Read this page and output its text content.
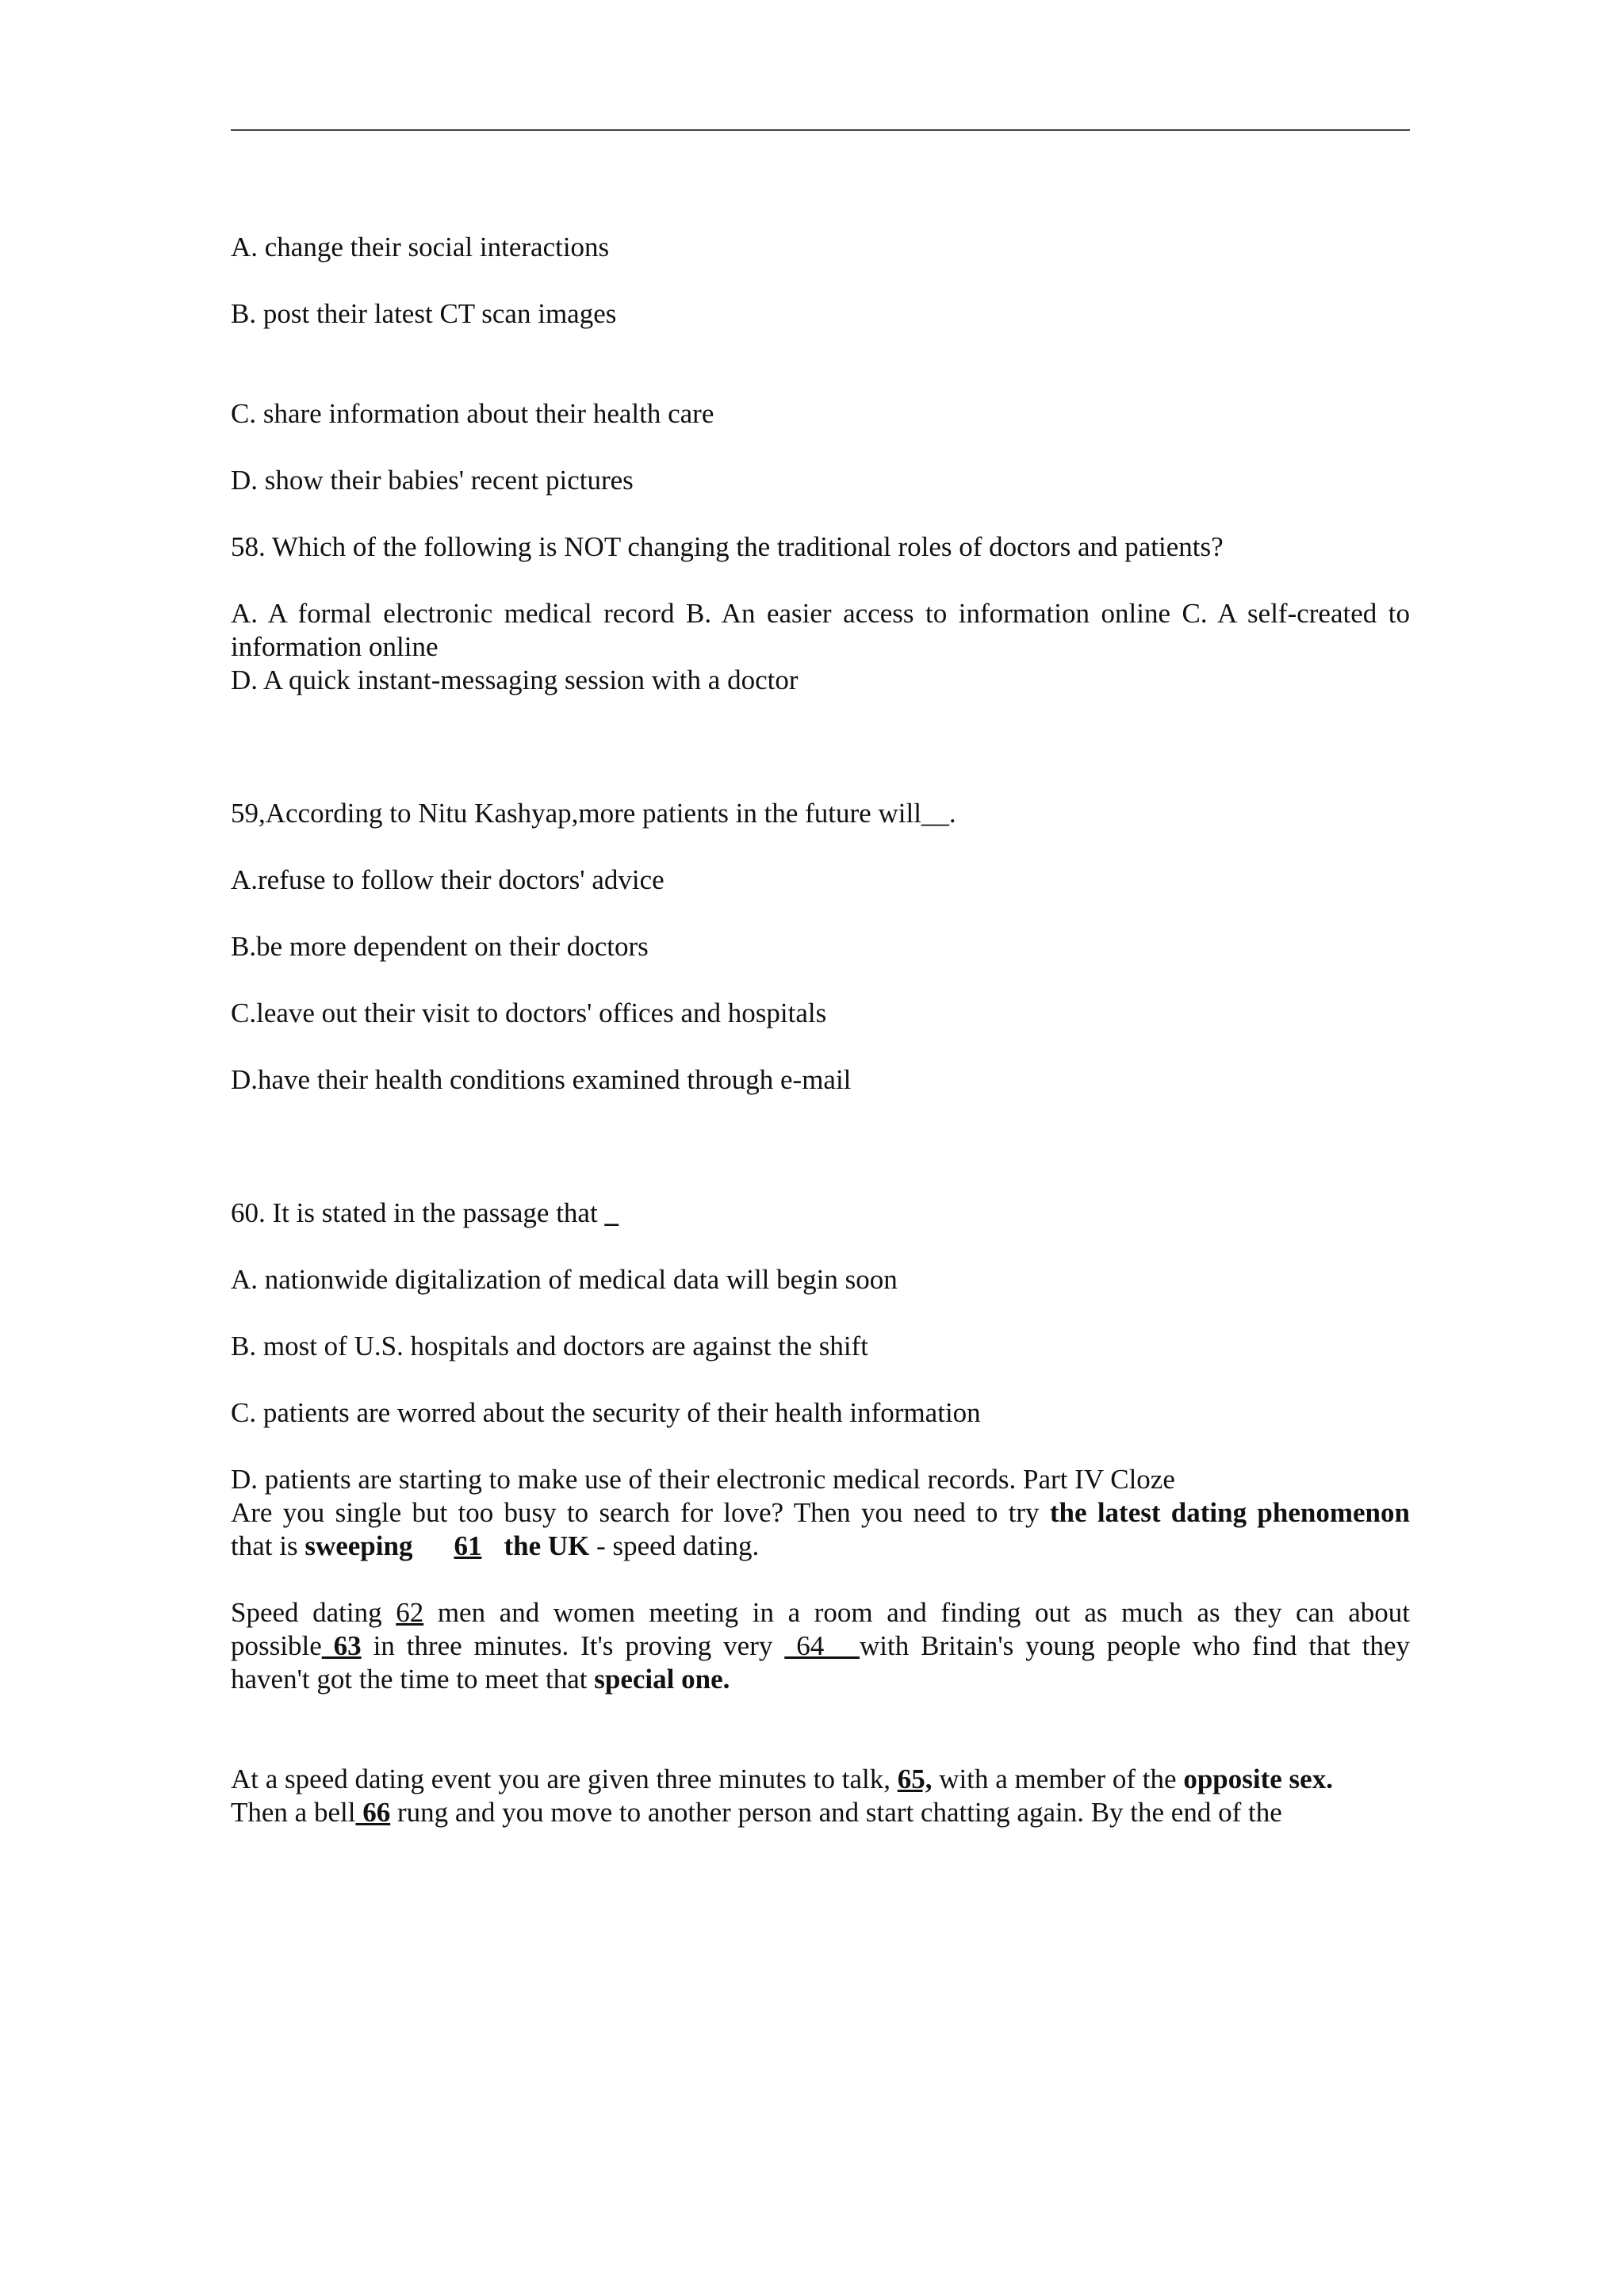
A. change their social interactions
B. post their latest CT scan images
C. share information about their health care
D. show their babies' recent pictures
58. Which of the following is NOT changing the traditional roles of doctors and patients?
A. A formal electronic medical record B. An easier access to information online C. A self-created to
information online
D. A quick instant-messaging session with a doctor
59,According to Nitu Kashyap,more patients in the future will__.
A.refuse to follow their doctors' advice
B.be more dependent on their doctors
C.leave out their visit to doctors' offices and hospitals
D.have their health conditions examined through e-mail
60. It is stated in the passage that _
A. nationwide digitalization of medical data will begin soon
B. most of U.S. hospitals and doctors are against the shift
C. patients are worred about the security of their health information
D. patients are starting to make use of their electronic medical records. Part IV Cloze
Are you single but too busy to search for love? Then you need to try the latest dating phenomenon
that is sweeping 61 the UK - speed dating.
Speed dating 62 men and women meeting in a room and finding out as much as they can about
possible 63 in three minutes. It's proving very  64   with Britain's young people who find that they
haven't got the time to meet that special one.
At a speed dating event you are given three minutes to talk, 65, with a member of the opposite sex.
Then a bell 66 rung and you move to another person and start chatting again. By the end of the
